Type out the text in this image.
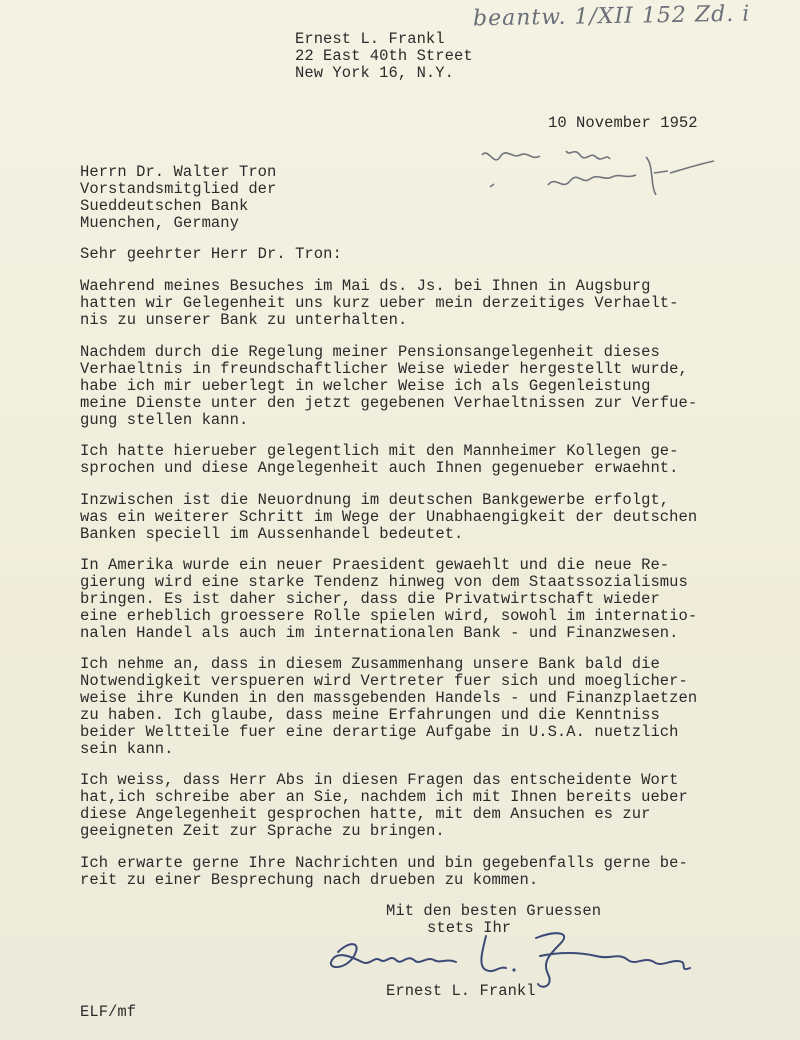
Ernest L. Frankl
22 East 40th Street
New York 16, N.Y.
beantw. 1/XII 152 Zd. i
10 November 1952
Herrn Dr. Walter Tron
Vorstandsmitglied der
Sueddeutschen Bank
Muenchen, Germany
Sehr geehrter Herr Dr. Tron:
Waehrend meines Besuches im Mai ds. Js. bei Ihnen in Augsburg
hatten wir Gelegenheit uns kurz ueber mein derzeitiges Verhaelt-
nis zu unserer Bank zu unterhalten.
Nachdem durch die Regelung meiner Pensionsangelegenheit dieses
Verhaeltnis in freundschaftlicher Weise wieder hergestellt wurde,
habe ich mir ueberlegt in welcher Weise ich als Gegenleistung
meine Dienste unter den jetzt gegebenen Verhaeltnissen zur Verfue-
gung stellen kann.
Ich hatte hierueber gelegentlich mit den Mannheimer Kollegen ge-
sprochen und diese Angelegenheit auch Ihnen gegenueber erwaehnt.
Inzwischen ist die Neuordnung im deutschen Bankgewerbe erfolgt,
was ein weiterer Schritt im Wege der Unabhaengigkeit der deutschen
Banken speciell im Aussenhandel bedeutet.
In Amerika wurde ein neuer Praesident gewaehlt und die neue Re-
gierung wird eine starke Tendenz hinweg von dem Staatssozialismus
bringen. Es ist daher sicher, dass die Privatwirtschaft wieder
eine erheblich groessere Rolle spielen wird, sowohl im internatio-
nalen Handel als auch im internationalen Bank - und Finanzwesen.
Ich nehme an, dass in diesem Zusammenhang unsere Bank bald die
Notwendigkeit verspueren wird Vertreter fuer sich und moeglicher-
weise ihre Kunden in den massgebenden Handels - und Finanzplaetzen
zu haben. Ich glaube, dass meine Erfahrungen und die Kenntniss
beider Weltteile fuer eine derartige Aufgabe in U.S.A. nuetzlich
sein kann.
Ich weiss, dass Herr Abs in diesen Fragen das entscheidente Wort
hat,ich schreibe aber an Sie, nachdem ich mit Ihnen bereits ueber
diese Angelegenheit gesprochen hatte, mit dem Ansuchen es zur
geeigneten Zeit zur Sprache zu bringen.
Ich erwarte gerne Ihre Nachrichten und bin gegebenfalls gerne be-
reit zu einer Besprechung nach drueben zu kommen.
Mit den besten Gruessen
stets Ihr
Ernest L. Frankl
ELF/mf
